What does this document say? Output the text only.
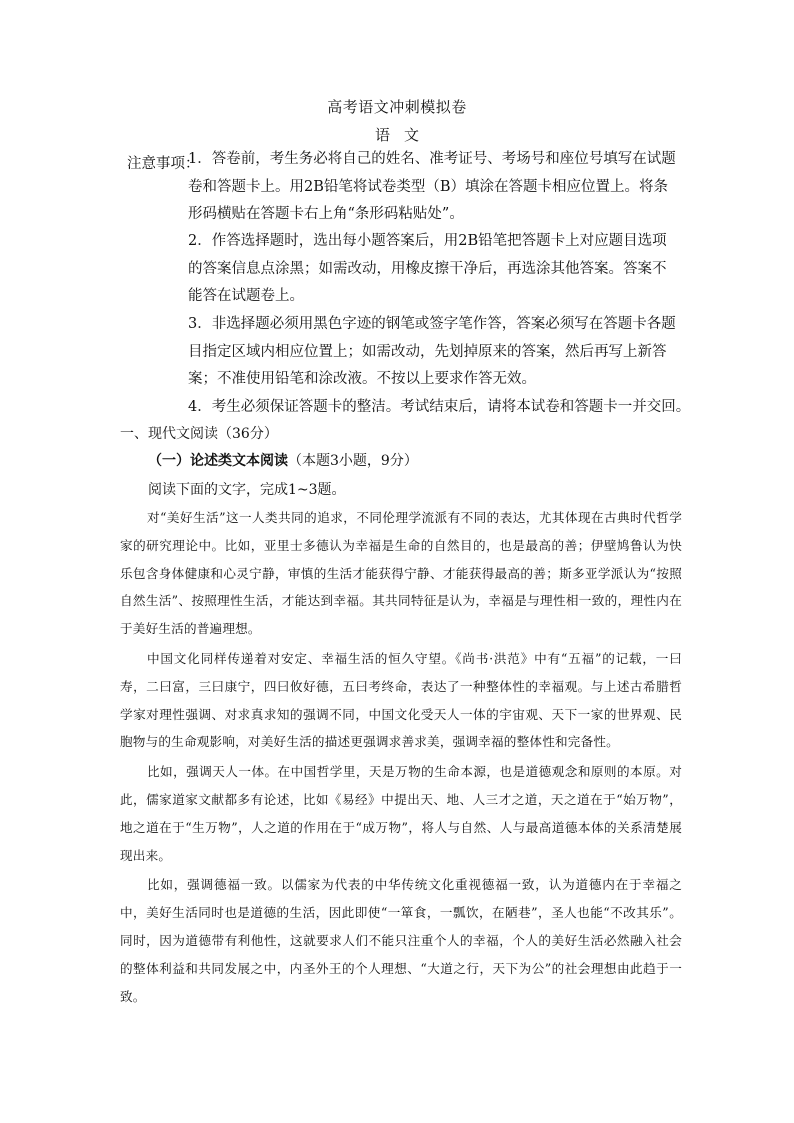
高考语文冲刺模拟卷
语文
注意事项：
1．答卷前，考生务必将自己的姓名、准考证号、考场号和座位号填写在试题卷和答题卡上。用2B铅笔将试卷类型（B）填涂在答题卡相应位置上。将条形码横贴在答题卡右上角“条形码粘贴处”。
2．作答选择题时，选出每小题答案后，用2B铅笔把答题卡上对应题目选项的答案信息点涂黑；如需改动，用橡皮擦干净后，再选涂其他答案。答案不能答在试题卷上。
3．非选择题必须用黑色字迹的钢笔或签字笔作答，答案必须写在答题卡各题目指定区域内相应位置上；如需改动，先划掉原来的答案，然后再写上新答案；不准使用铅笔和涂改液。不按以上要求作答无效。
4．考生必须保证答题卡的整洁。考试结束后，请将本试卷和答题卡一并交回。
一、现代文阅读（36分）
（一）论述类文本阅读（本题3小题，9分）
阅读下面的文字，完成1~3题。

对“美好生活”这一人类共同的追求，不同伦理学流派有不同的表达，尤其体现在古典时代哲学家的研究理论中。比如，亚里士多德认为幸福是生命的自然目的，也是最高的善；伊壁鸠鲁认为快乐包含身体健康和心灵宁静，审慎的生活才能获得宁静、才能获得最高的善；斯多亚学派认为“按照自然生活”、按照理性生活，才能达到幸福。其共同特征是认为，幸福是与理性相一致的，理性内在于美好生活的普遍理想。

中国文化同样传递着对安定、幸福生活的恒久守望。《尚书·洪范》中有“五福”的记载，一曰寿，二曰富，三曰康宁，四曰攸好德，五曰考终命，表达了一种整体性的幸福观。与上述古希腊哲学家对理性强调、对求真求知的强调不同，中国文化受天人一体的宇宙观、天下一家的世界观、民胞物与的生命观影响，对美好生活的描述更强调求善求美，强调幸福的整体性和完备性。

比如，强调天人一体。在中国哲学里，天是万物的生命本源，也是道德观念和原则的本原。对此，儒家道家文献都多有论述，比如《易经》中提出天、地、人三才之道，天之道在于“始万物”，地之道在于“生万物”，人之道的作用在于“成万物”，将人与自然、人与最高道德本体的关系清楚展现出来。

比如，强调德福一致。以儒家为代表的中华传统文化重视德福一致，认为道德内在于幸福之中，美好生活同时也是道德的生活，因此即使“一箪食，一瓢饮，在陋巷”，圣人也能“不改其乐”。同时，因为道德带有利他性，这就要求人们不能只注重个人的幸福，个人的美好生活必然融入社会的整体利益和共同发展之中，内圣外王的个人理想、“大道之行，天下为公”的社会理想由此趋于一致。
